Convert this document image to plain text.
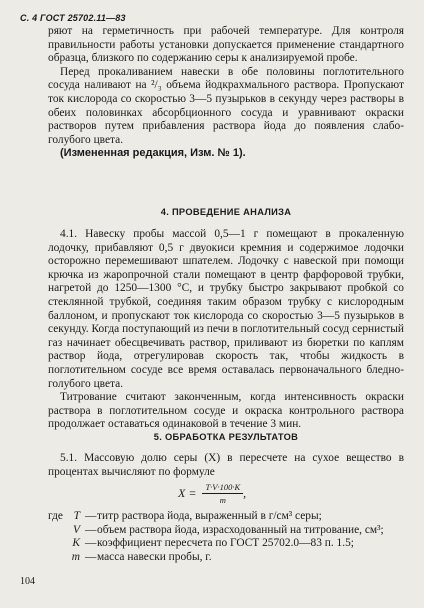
С. 4 ГОСТ 25702.11—83

ряют на герметичность при рабочей температуре. Для контроля правильности работы установки допускается применение стандартного образца, близкого по содержанию серы к анализируемой пробе.

Перед прокаливанием навески в обе половины поглотительного сосуда наливают на ²/₃ объема йодкрахмального раствора. Пропускают ток кислорода со скоростью 3—5 пузырьков в секунду через растворы в обеих половинках абсорбционного сосуда и уравнивают окраски растворов путем прибавления раствора йода до появления слабо-голубого цвета.

(Измененная редакция, Изм. № 1).

4. ПРОВЕДЕНИЕ АНАЛИЗА

4.1. Навеску пробы массой 0,5—1 г помещают в прокаленную лодочку, прибавляют 0,5 г двуокиси кремния и содержимое лодочки осторожно перемешивают шпателем. Лодочку с навеской при помощи крючка из жаропрочной стали помещают в центр фарфоровой трубки, нагретой до 1250—1300 °С, и трубку быстро закрывают пробкой со стеклянной трубкой, соединяя таким образом трубку с кислородным баллоном, и пропускают ток кислорода со скоростью 3—5 пузырьков в секунду. Когда поступающий из печи в поглотительный сосуд сернистый газ начинает обесцвечивать раствор, приливают из бюретки по каплям раствор йода, отрегулировав скорость так, чтобы жидкость в поглотительном сосуде все время оставалась первоначального бледно-голубого цвета.

Титрование считают законченным, когда интенсивность окраски раствора в поглотительном сосуде и окраска контрольного раствора продолжает оставаться одинаковой в течение 3 мин.

5. ОБРАБОТКА РЕЗУЛЬТАТОВ

5.1. Массовую долю серы (X) в пересчете на сухое вещество в процентах вычисляют по формуле

$X = \frac{T\cdot V\cdot 100\cdot K}{m}$ ,
где T — титр раствора йода, выраженный в г/см³ серы;
V — объем раствора йода, израсходованный на титрование, см³;
K — коэффициент пересчета по ГОСТ 25702.0—83 п. 1.5;
m — масса навески пробы, г.
104
